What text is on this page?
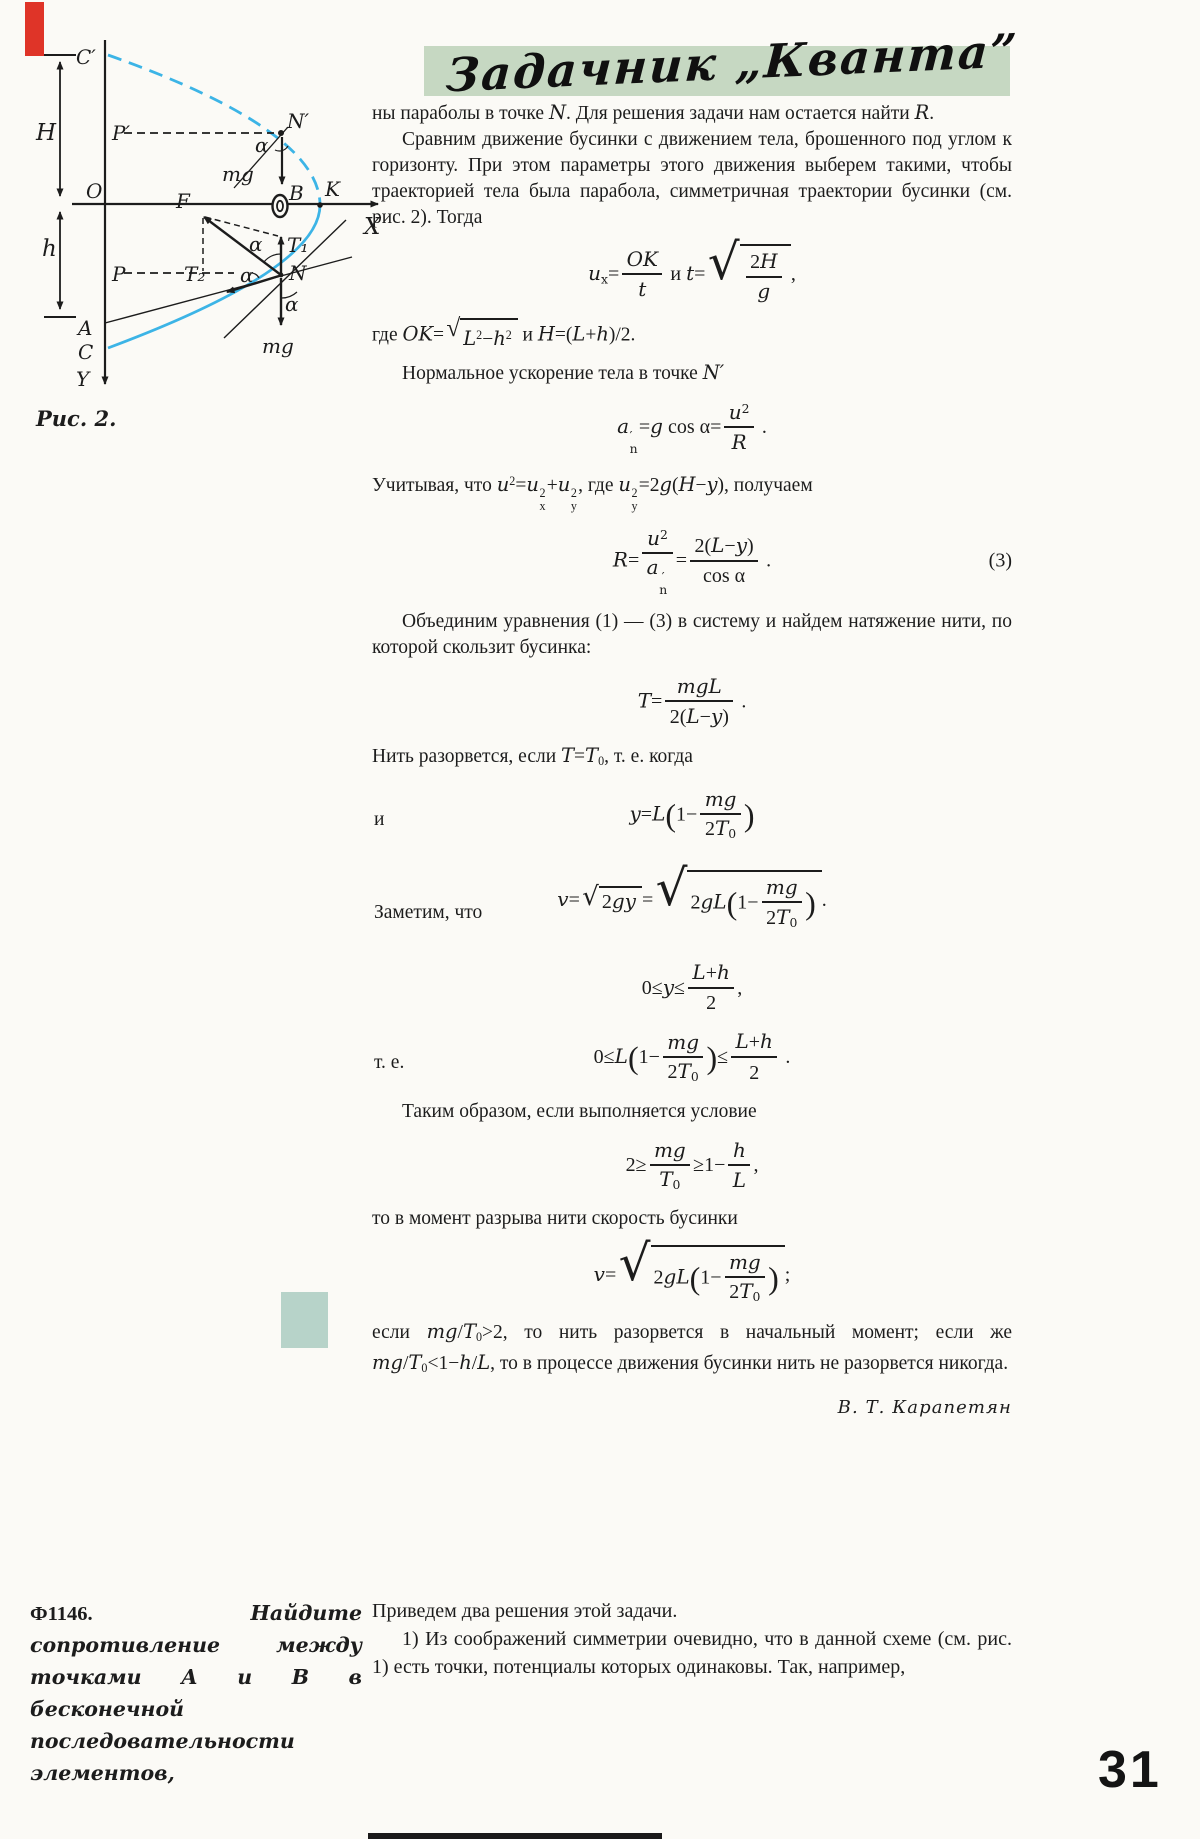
Задачник „Кванта”
C′
H	P′
O	B K
X
N′
mg
α
F
T₁
α
T₂ α
P	N
α
mg
A
C
Y
h
Рис. 2.

ны параболы в точке N. Для решения задачи нам остается найти R.

Сравним движение бусинки с движением тела, брошенного под углом к горизонту. При этом параметры этого движения выберем такими, чтобы траекторией тела была парабола, симметричная траектории бусинки (см. рис. 2). Тогда

$u_x= \frac{OK}{t}$ и t= √ $\frac{2H}{g}$ ,

где OK= √ $L^2-h^2$ и H=(L+h)/2.

Нормальное ускорение тела в точке N′

a ′
n
=g $\cos \alpha= \frac{u^2}{R}$ .

Учитывая, что $u^2=u$ 2
x
+u 2
y
, где u 2
y
=2g(H−y), получаем

$R= u^2$
a ′
$n = \frac{2(L-y)}{\text{cos α}}$ .	(3)

Объединим уравнения (1) — (3) в систему и найдем натяжение нити, по которой скользит бусинка:

$T= \frac{\text{mgL}}{2(L-y)}$ .

Нить разорвется, если $T=T_0$, т. е. когда

и	$y=L(1- \frac{mg}{2T_0}$ )
Заметим, что
v= √ 2gy = √ $2gL(1- \frac{mg}{2T_0}$ ) .
$0\le y\le \frac{L+h}{2}$ ,
т. е.	$0\le L(1- \frac{mg}{2T_0}$ )≤ $\frac{L+h}{2}$ .

Таким образом, если выполняется условие

$2\ge \frac{mg}{T_0} \ge 1- \frac{h}{L}$ ,

то в момент разрыва нити скорость бусинки

v= √ $2gL(1- \frac{mg}{2T_0}$ ) ;

если $mg/T_0>2$, то нить разорвется в начальный момент; если же $mg/T_0<1-h/L$, то в процессе движения бусинки нить не разорвется никогда.

В. Т. Карапетян

Ф1146. Найдите сопротивление между точками А и В в бесконечной последовательности элементов,

Приведем два решения этой задачи.

1) Из соображений симметрии очевидно, что в данной схеме (см. рис. 1) есть точки, потенциалы которых одинаковы. Так, например,

31
